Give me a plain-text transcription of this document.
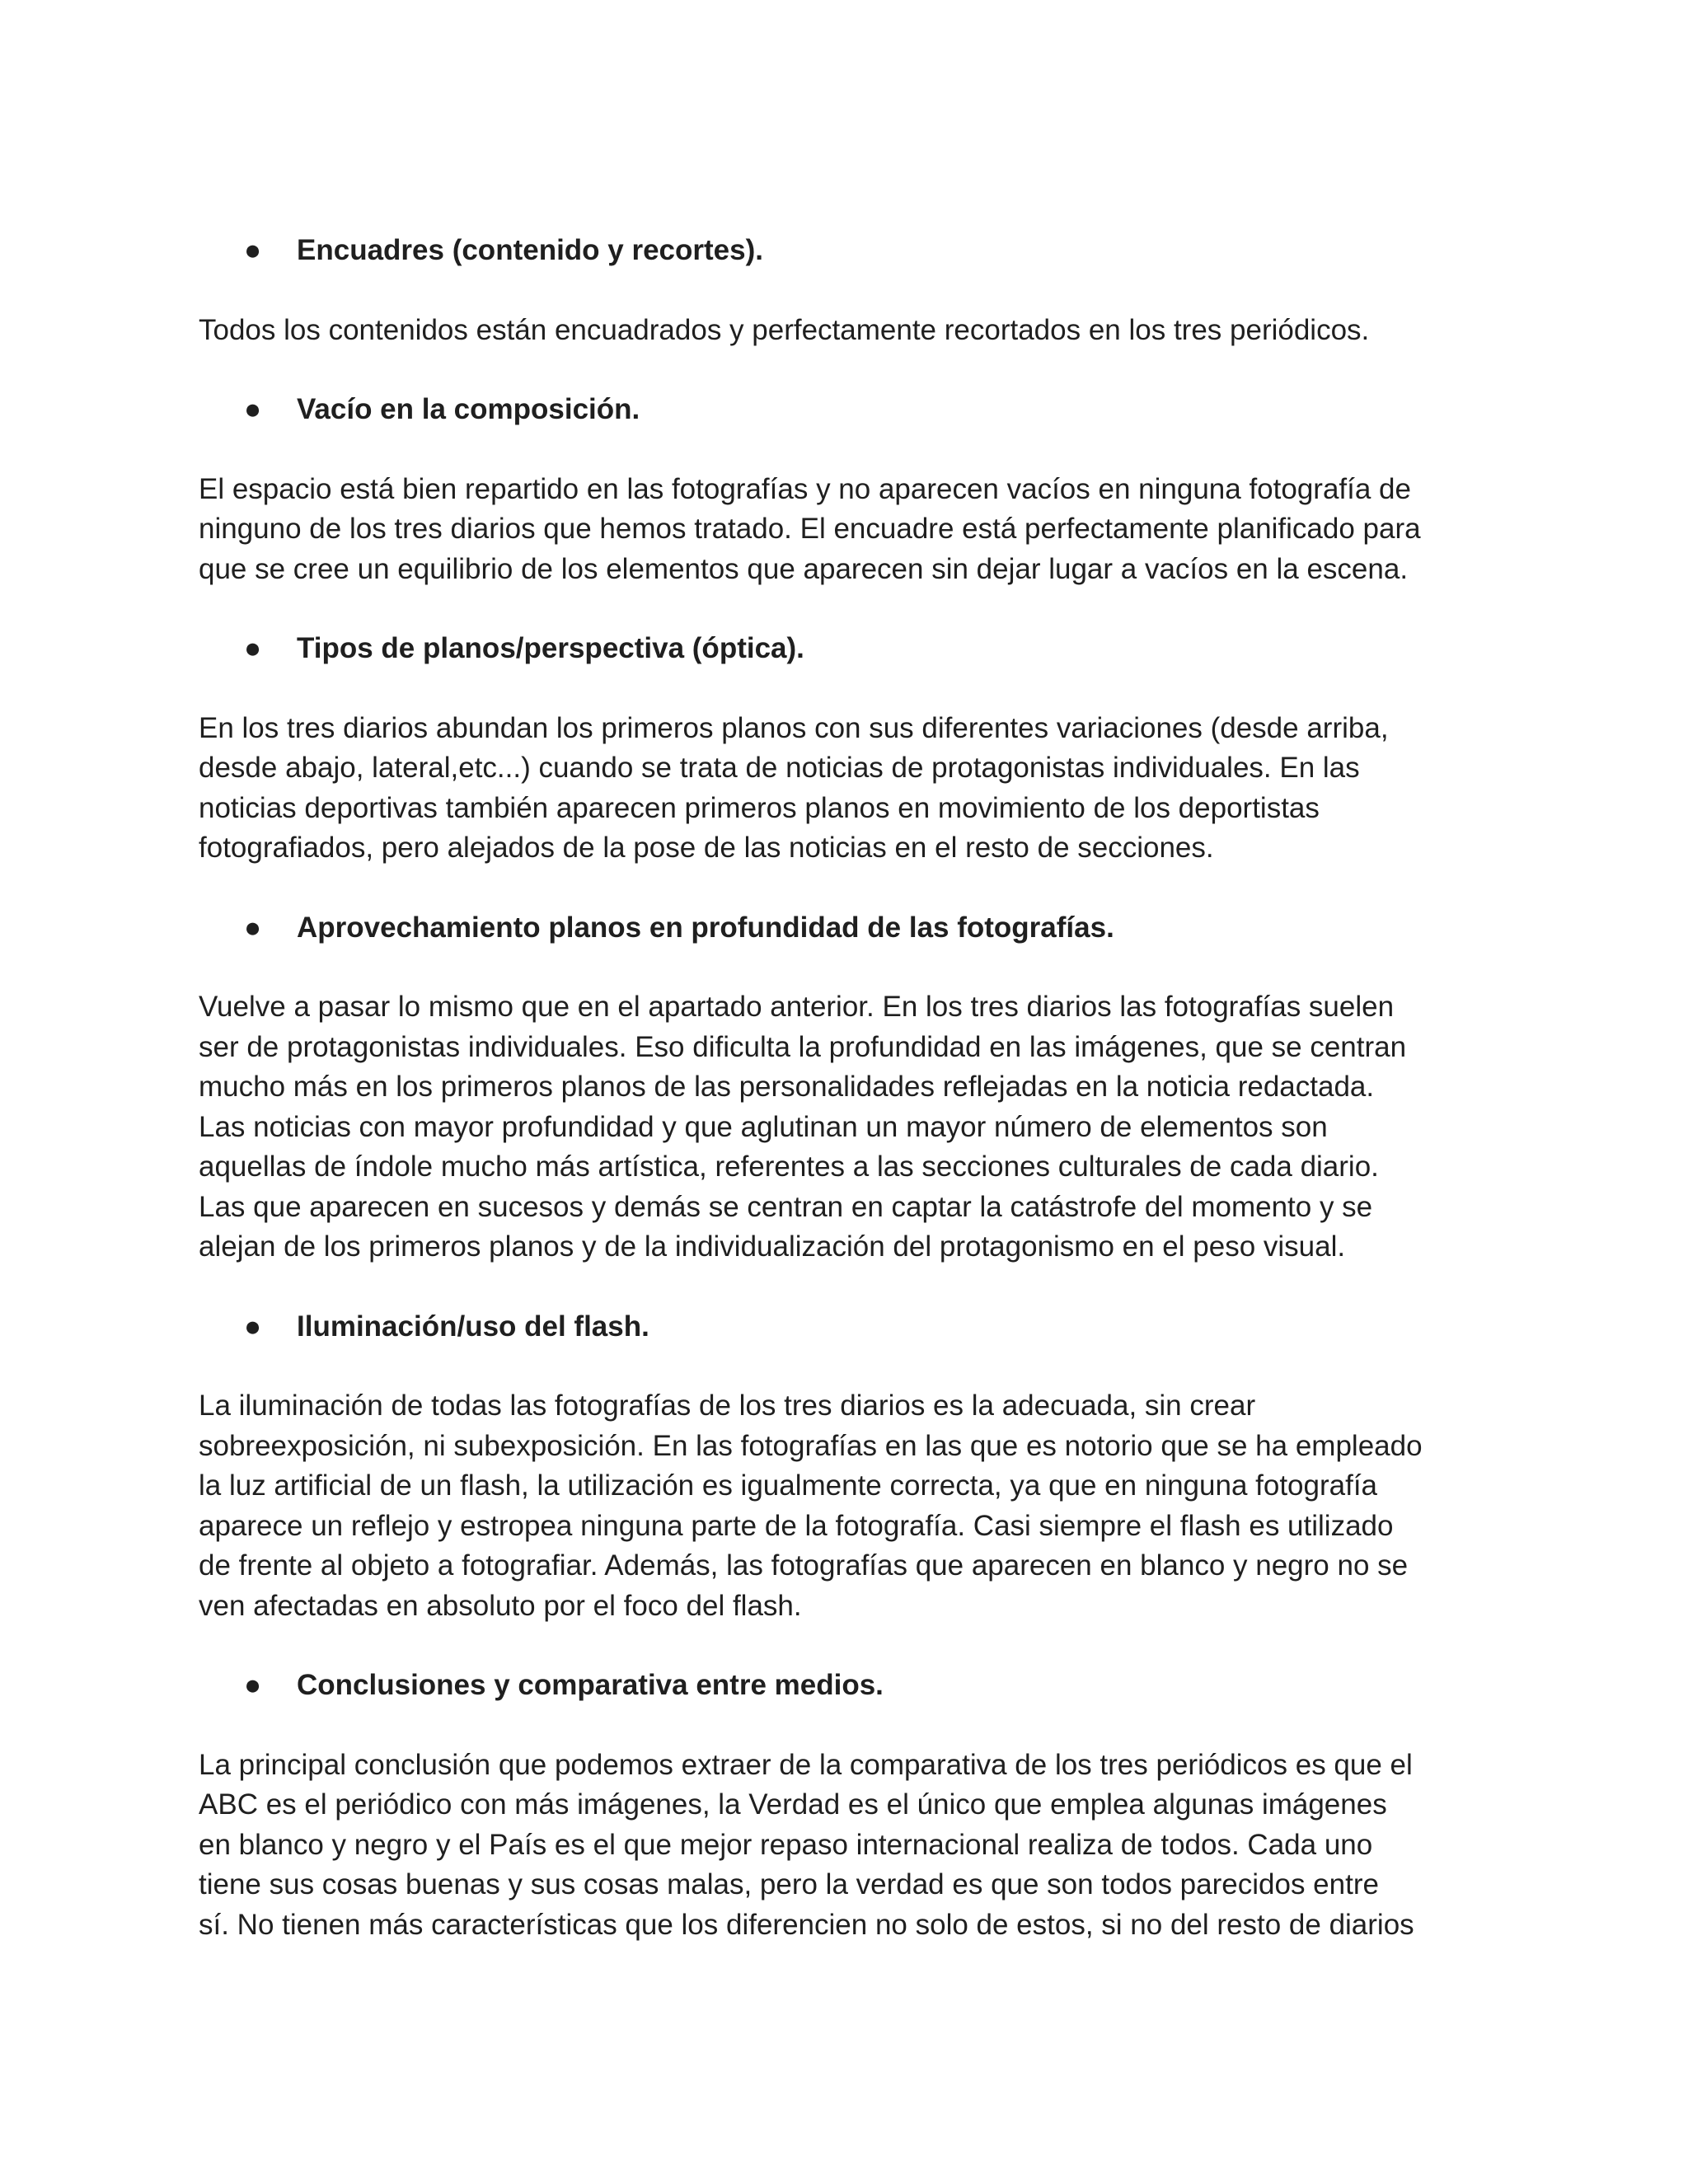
● Encuadres (contenido y recortes).
Todos los contenidos están encuadrados y perfectamente recortados en los tres periódicos.
● Vacío en la composición.
El espacio está bien repartido en las fotografías y no aparecen vacíos en ninguna fotografía de
ninguno de los tres diarios que hemos tratado. El encuadre está perfectamente planificado para
que se cree un equilibrio de los elementos que aparecen sin dejar lugar a vacíos en la escena.
● Tipos de planos/perspectiva (óptica).
En los tres diarios abundan los primeros planos con sus diferentes variaciones (desde arriba,
desde abajo, lateral,etc...) cuando se trata de noticias de protagonistas individuales. En las
noticias deportivas también aparecen primeros planos en movimiento de los deportistas
fotografiados, pero alejados de la pose de las noticias en el resto de secciones.
● Aprovechamiento planos en profundidad de las fotografías.
Vuelve a pasar lo mismo que en el apartado anterior. En los tres diarios las fotografías suelen
ser de protagonistas individuales. Eso dificulta la profundidad en las imágenes, que se centran
mucho más en los primeros planos de las personalidades reflejadas en la noticia redactada.
Las noticias con mayor profundidad y que aglutinan un mayor número de elementos son
aquellas de índole mucho más artística, referentes a las secciones culturales de cada diario.
Las que aparecen en sucesos y demás se centran en captar la catástrofe del momento y se
alejan de los primeros planos y de la individualización del protagonismo en el peso visual.
● Iluminación/uso del flash.
La iluminación de todas las fotografías de los tres diarios es la adecuada, sin crear
sobreexposición, ni subexposición. En las fotografías en las que es notorio que se ha empleado
la luz artificial de un flash, la utilización es igualmente correcta, ya que en ninguna fotografía
aparece un reflejo y estropea ninguna parte de la fotografía. Casi siempre el flash es utilizado
de frente al objeto a fotografiar. Además, las fotografías que aparecen en blanco y negro no se
ven afectadas en absoluto por el foco del flash.
● Conclusiones y comparativa entre medios.
La principal conclusión que podemos extraer de la comparativa de los tres periódicos es que el
ABC es el periódico con más imágenes, la Verdad es el único que emplea algunas imágenes
en blanco y negro y el País es el que mejor repaso internacional realiza de todos. Cada uno
tiene sus cosas buenas y sus cosas malas, pero la verdad es que son todos parecidos entre
sí. No tienen más características que los diferencien no solo de estos, si no del resto de diarios
